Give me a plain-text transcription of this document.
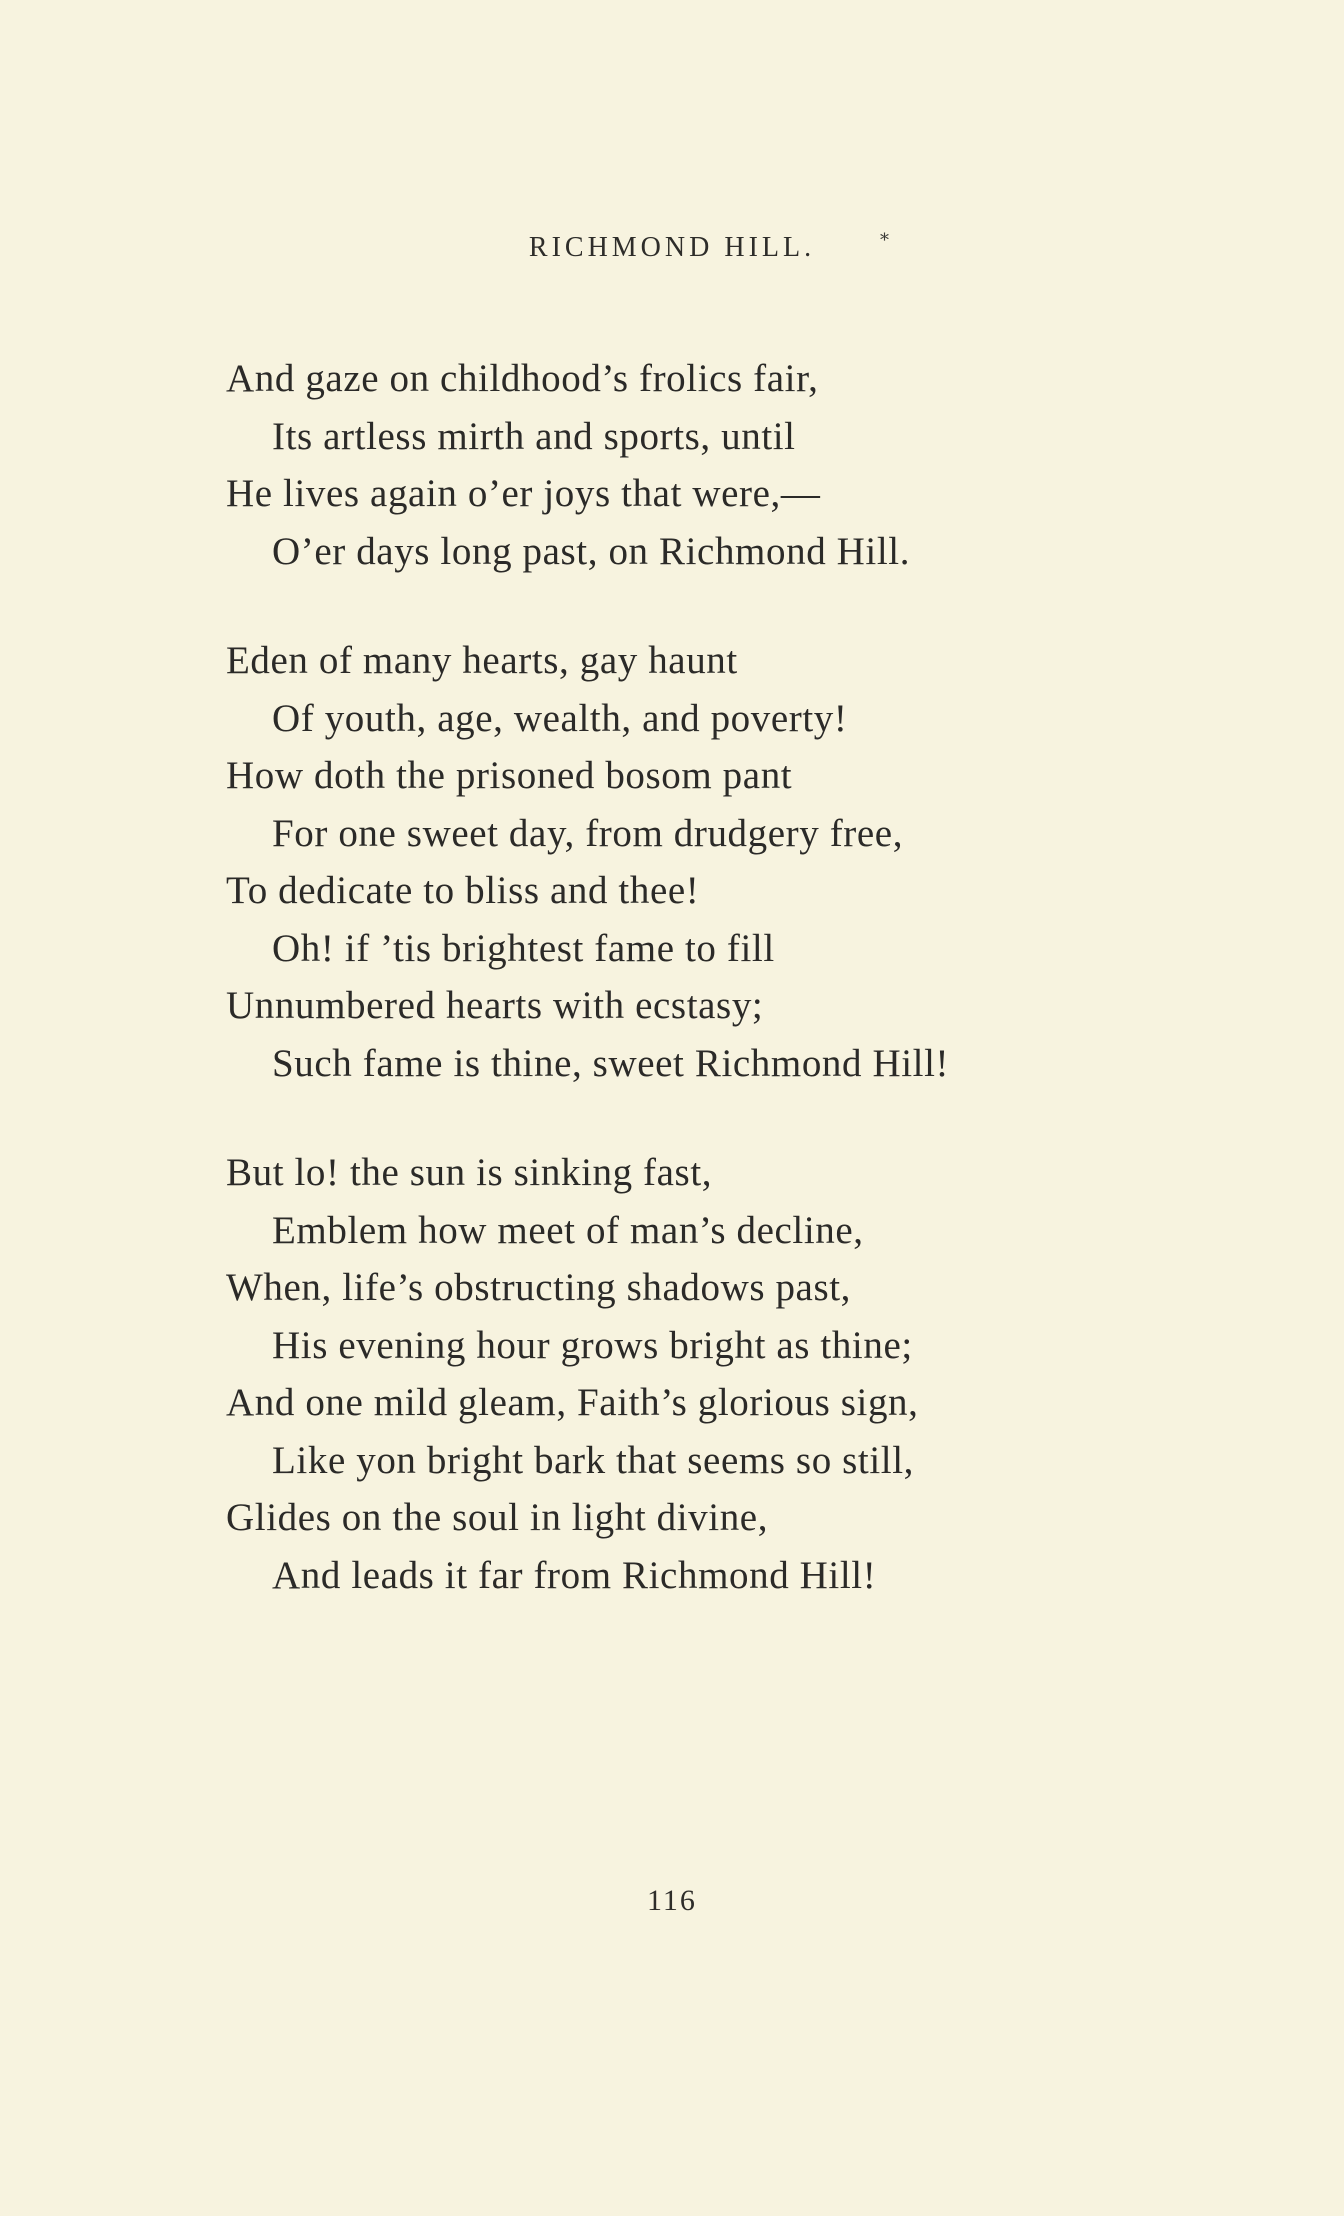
RICHMOND HILL.	*
And gaze on childhood’s frolics fair,
Its artless mirth and sports, until
He lives again o’er joys that were,—
O’er days long past, on Richmond Hill.
Eden of many hearts, gay haunt
Of youth, age, wealth, and poverty!
How doth the prisoned bosom pant
For one sweet day, from drudgery free,
To dedicate to bliss and thee!
Oh! if ’tis brightest fame to fill
Unnumbered hearts with ecstasy;
Such fame is thine, sweet Richmond Hill!
But lo! the sun is sinking fast,
Emblem how meet of man’s decline,
When, life’s obstructing shadows past,
His evening hour grows bright as thine;
And one mild gleam, Faith’s glorious sign,
Like yon bright bark that seems so still,
Glides on the soul in light divine,
And leads it far from Richmond Hill!
116
